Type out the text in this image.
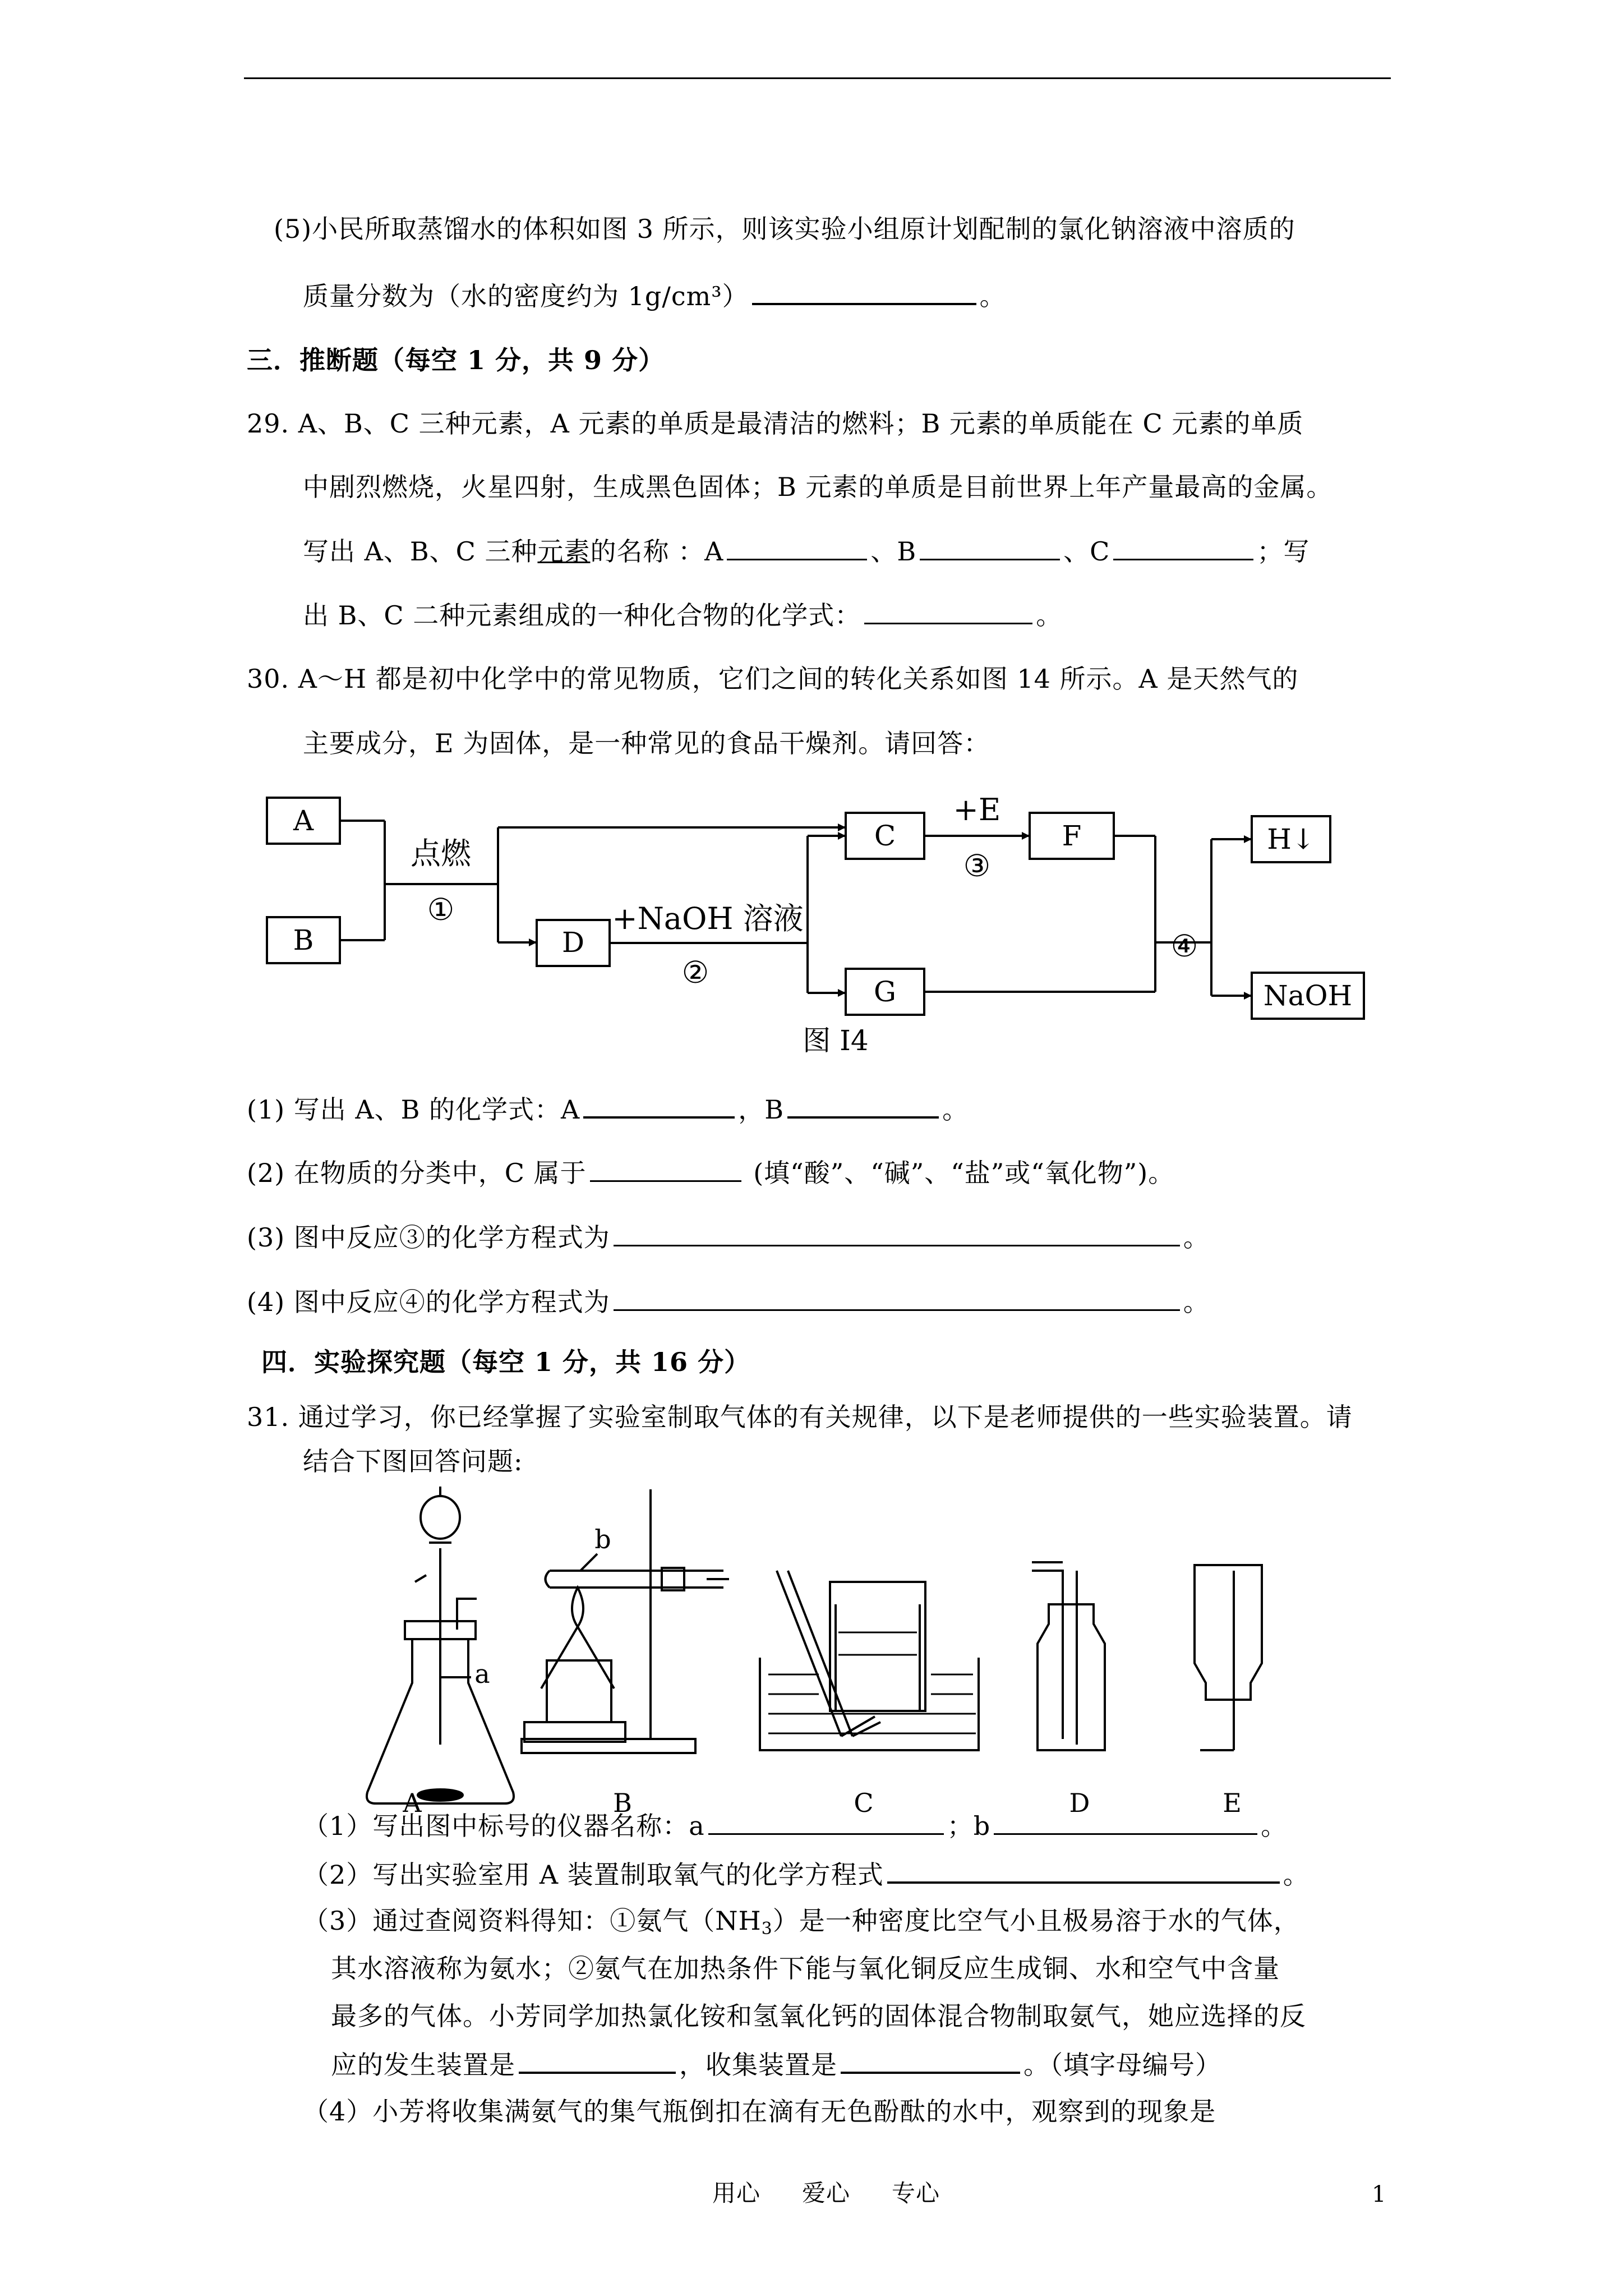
(5)小民所取蒸馏水的体积如图 3 所示，则该实验小组原计划配制的氯化钠溶液中溶质的
质量分数为（水的密度约为 1g/cm³）	。
三．推断题（每空 1 分，共 9 分）
29. A、B、C 三种元素，A 元素的单质是最清洁的燃料；B 元素的单质能在 C 元素的单质
中剧烈燃烧，火星四射，生成黑色固体；B 元素的单质是目前世界上年产量最高的金属。
写出 A、B、C 三种元素的名称 ：A	、B	、C	；写
出 B、C 二种元素组成的一种化合物的化学式：	。
30. A～H 都是初中化学中的常见物质，它们之间的转化关系如图 14 所示。A 是天然气的
主要成分，E 为固体，是一种常见的食品干燥剂。请回答：
A
B	D
C
G
F	H↓
NaOH
点燃
①	+NaOH 溶液
②
+E
③
④
图 I4
(1) 写出 A、B 的化学式：A	，B	。
(2) 在物质的分类中，C 属于	(填“酸”、“碱”、“盐”或“氧化物”)。
(3) 图中反应③的化学方程式为	。
(4) 图中反应④的化学方程式为	。
四．实验探究题（每空 1 分，共 16 分）
31. 通过学习，你已经掌握了实验室制取气体的有关规律，以下是老师提供的一些实验装置。请
结合下图回答问题:
a
b
A	B	C	D	E
（1）写出图中标号的仪器名称：a	；b	。
（2）写出实验室用 A 装置制取氧气的化学方程式	。
（3）通过查阅资料得知：①氨气$(NH_3)$是一种密度比空气小且极易溶于水的气体，
其水溶液称为氨水；②氨气在加热条件下能与氧化铜反应生成铜、水和空气中含量
最多的气体。小芳同学加热氯化铵和氢氧化钙的固体混合物制取氨气，她应选择的反
应的发生装置是	，收集装置是	。（填字母编号）
（4）小芳将收集满氨气的集气瓶倒扣在滴有无色酚酞的水中，观察到的现象是
用心 爱心 专心	1
